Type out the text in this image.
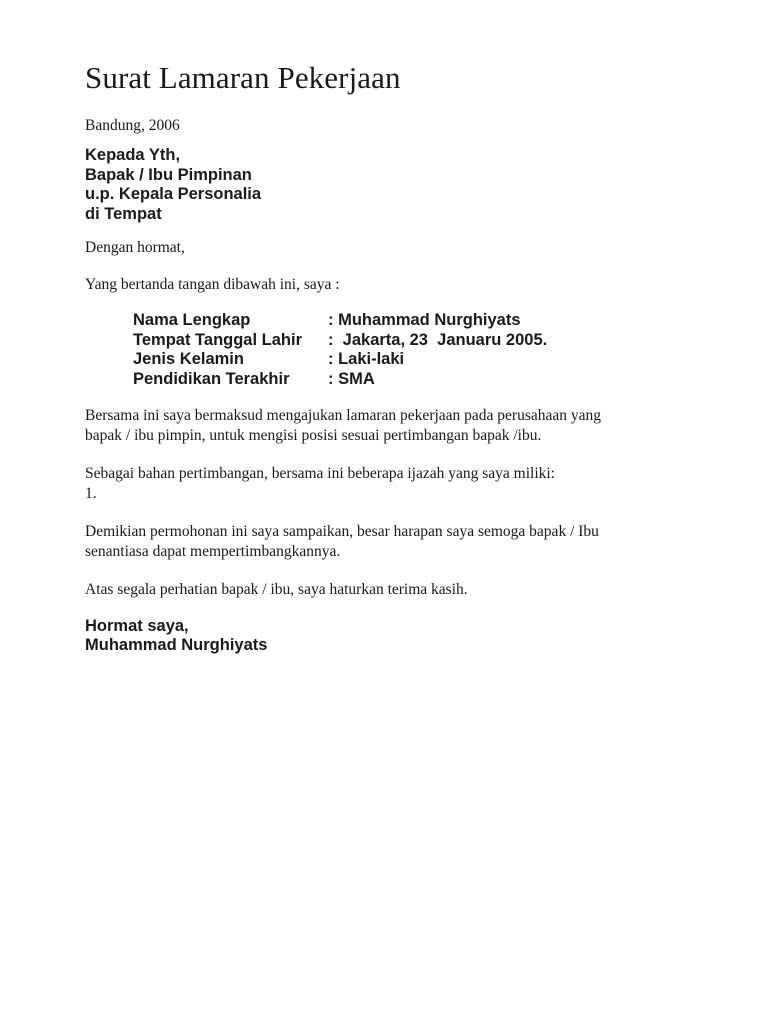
Surat Lamaran Pekerjaan
Bandung, 2006
Kepada Yth,
Bapak / Ibu Pimpinan
u.p. Kepala Personalia
di Tempat
Dengan hormat,
Yang bertanda tangan dibawah ini, saya :
Nama Lengkap	: Muhammad Nurghiyats
Tempat Tanggal Lahir	:  Jakarta, 23  Januaru 2005.
Jenis Kelamin	: Laki-laki
Pendidikan Terakhir	: SMA
Bersama ini saya bermaksud mengajukan lamaran pekerjaan pada perusahaan yang
bapak / ibu pimpin, untuk mengisi posisi sesuai pertimbangan bapak /ibu.
Sebagai bahan pertimbangan, bersama ini beberapa ijazah yang saya miliki:
1.
Demikian permohonan ini saya sampaikan, besar harapan saya semoga bapak / Ibu
senantiasa dapat mempertimbangkannya.
Atas segala perhatian bapak / ibu, saya haturkan terima kasih.
Hormat saya,
Muhammad Nurghiyats
